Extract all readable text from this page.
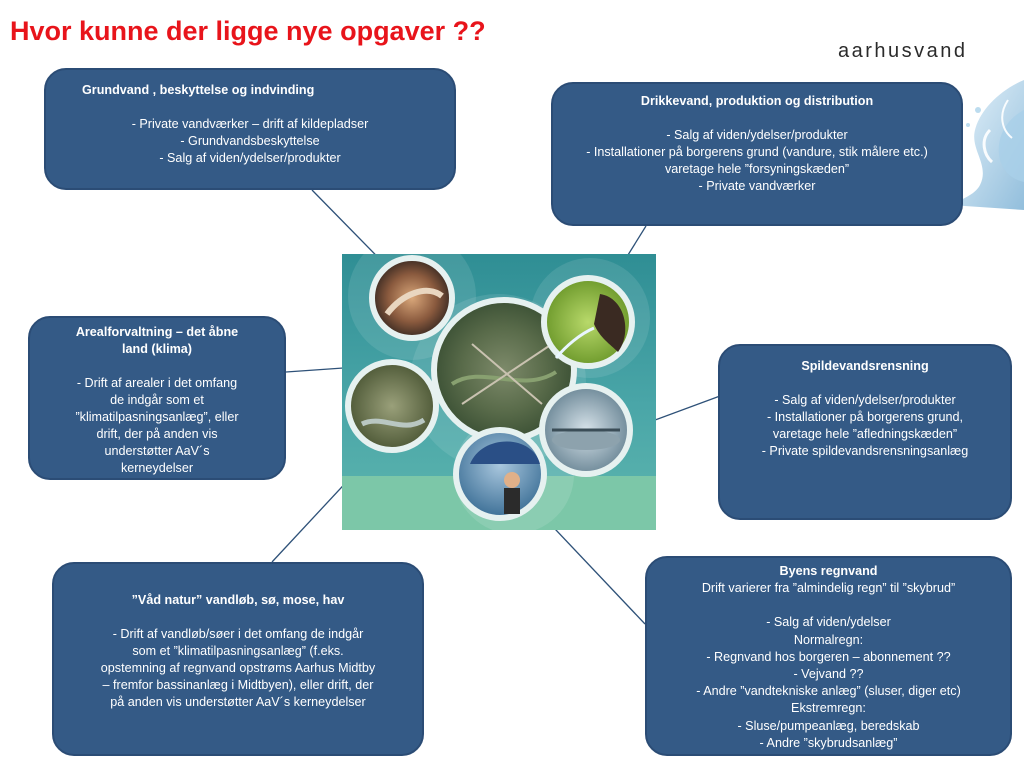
Hvor kunne der ligge nye opgaver ??
aarhusvand
Grundvand , beskyttelse og indvinding
- Private vandværker – drift af kildepladser
- Grundvandsbeskyttelse
- Salg af viden/ydelser/produkter
Drikkevand, produktion og distribution
- Salg af viden/ydelser/produkter
- Installationer på borgerens grund (vandure, stik målere etc.) varetage hele ”forsyningskæden”
- Private vandværker
Arealforvaltning – det åbne land (klima)
- Drift af arealer i det omfang de indgår som et ”klimatilpasningsanlæg”, eller drift, der på anden vis understøtter AaV´s kerneydelser
Spildevandsrensning
- Salg af viden/ydelser/produkter
- Installationer på borgerens grund, varetage hele ”afledningskæden”
- Private spildevandsrensningsanlæg
”Våd natur” vandløb, sø, mose, hav
- Drift af vandløb/søer i det omfang de indgår som et ”klimatilpasningsanlæg” (f.eks. opstemning af regnvand opstrøms Aarhus Midtby – fremfor bassinanlæg i Midtbyen), eller drift, der på anden vis understøtter AaV´s kerneydelser
Byens regnvand
Drift varierer fra ”almindelig regn” til ”skybrud”
- Salg af viden/ydelser
Normalregn:
- Regnvand hos borgeren – abonnement ??
- Vejvand ??
- Andre ”vandtekniske anlæg” (sluser, diger etc)
Ekstremregn:
- Sluse/pumpeanlæg, beredskab
- Andre ”skybrudsanlæg”
